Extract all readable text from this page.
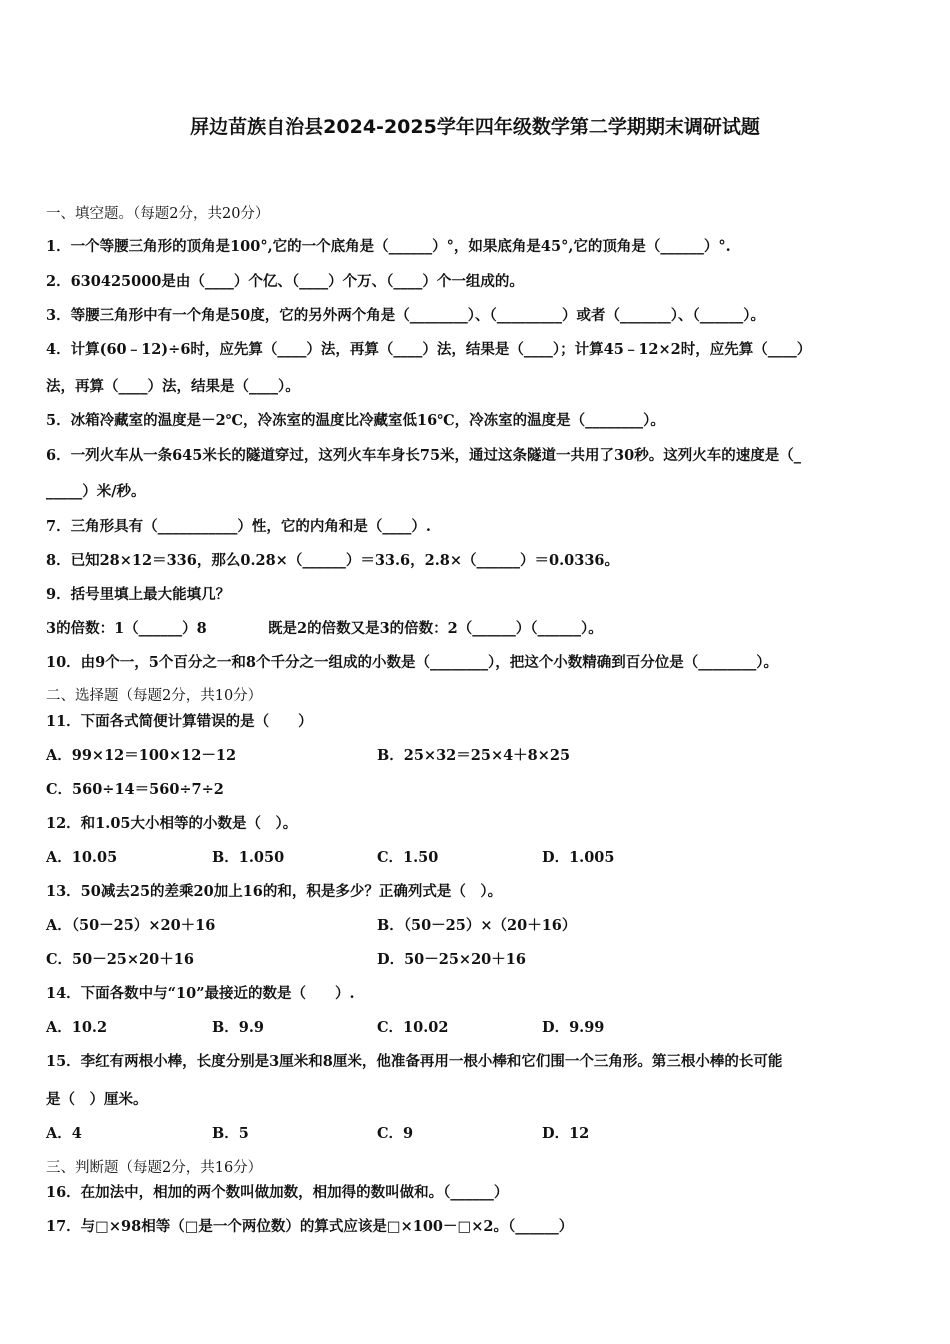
屏边苗族自治县2024-2025学年四年级数学第二学期期末调研试题
一、填空题。（每题2分，共20分）
1．一个等腰三角形的顶角是100°,它的一个底角是（______）°，如果底角是45°,它的顶角是（______）°.
2．630425000是由（____）个亿、（____）个万、（____）个一组成的。
3．等腰三角形中有一个角是50度，它的另外两个角是（________）、（_________）或者（_______）、（______）。
4．计算(60﹣12)÷6时，应先算（____）法，再算（____）法，结果是（____）；计算45﹣12×2时，应先算（____）
法，再算（____）法，结果是（____）。
5．冰箱冷藏室的温度是－2℃，冷冻室的温度比冷藏室低16℃，冷冻室的温度是（________）。
6．一列火车从一条645米长的隧道穿过，这列火车车身长75米，通过这条隧道一共用了30秒。这列火车的速度是（_
_____）米/秒。
7．三角形具有（___________）性，它的内角和是（____）.
8．已知28×12＝336，那么0.28×（______）＝33.6，2.8×（______）＝0.0336。
9．括号里填上最大能填几？
3的倍数：1（______）8	既是2的倍数又是3的倍数：2（______）（______）。
10．由9个一，5个百分之一和8个千分之一组成的小数是（________），把这个小数精确到百分位是（________）。
二、选择题（每题2分，共10分）
11．下面各式简便计算错误的是（　　）
A．99×12＝100×12－12	B．25×32＝25×4＋8×25
C．560÷14＝560÷7÷2
12．和1.05大小相等的小数是（　）。
A．10.05	B．1.050	C．1.50	D．1.005
13．50减去25的差乘20加上16的和，积是多少？正确列式是（　）。
A．（50－25）×20＋16	B．（50－25）×（20＋16）
C．50－25×20＋16	D．50－25×20＋16
14．下面各数中与“10”最接近的数是（　　）.
A．10.2	B．9.9	C．10.02	D．9.99
15．李红有两根小棒，长度分别是3厘米和8厘米，他准备再用一根小棒和它们围一个三角形。第三根小棒的长可能
是（　）厘米。
A．4	B．5	C．9	D．12
三、判断题（每题2分，共16分）
16．在加法中，相加的两个数叫做加数，相加得的数叫做和。（______）
17．与□×98相等（□是一个两位数）的算式应该是□×100－□×2。（______）
